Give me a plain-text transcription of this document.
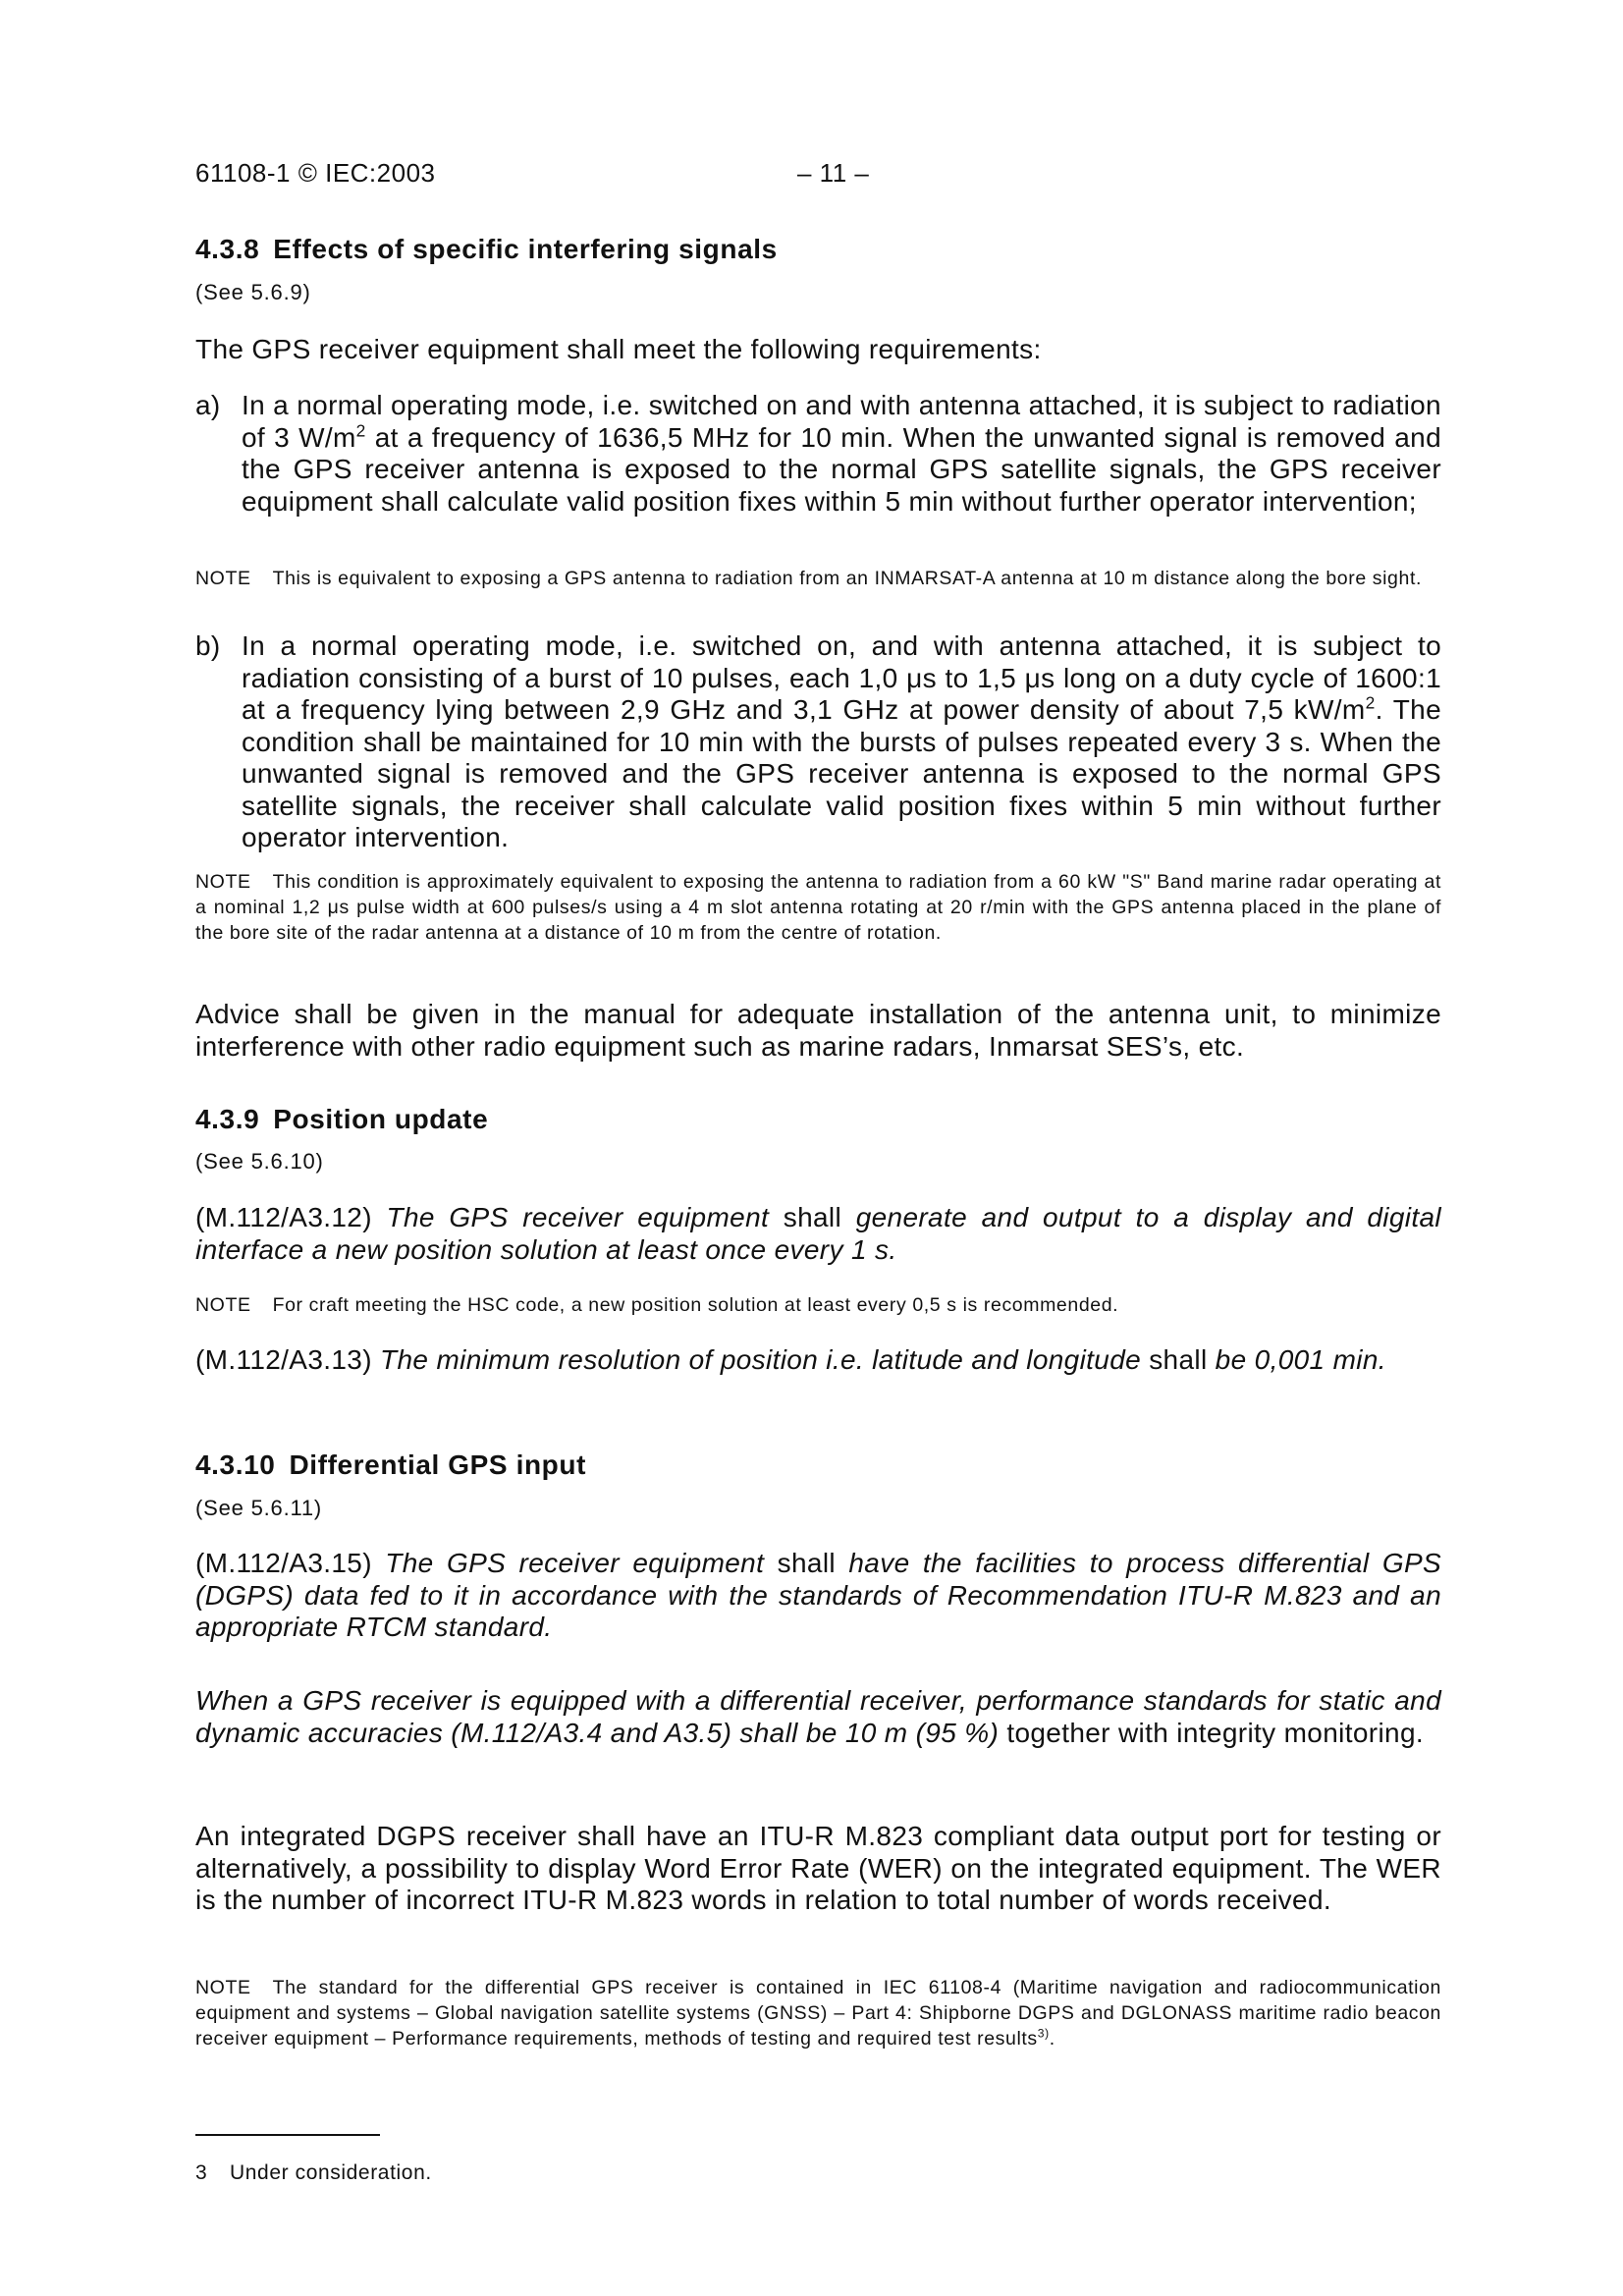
61108-1 © IEC:2003	– 11 –
4.3.8 Effects of specific interfering signals
(See 5.6.9)
The GPS receiver equipment shall meet the following requirements:
a) In a normal operating mode, i.e. switched on and with antenna attached, it is subject to radiation of 3 $W/m^2$ at a frequency of 1636,5 MHz for 10 min. When the unwanted signal is removed and the GPS receiver antenna is exposed to the normal GPS satellite signals, the GPS receiver equipment shall calculate valid position fixes within 5 min without further operator intervention;
NOTE This is equivalent to exposing a GPS antenna to radiation from an INMARSAT-A antenna at 10 m distance along the bore sight.
b) In a normal operating mode, i.e. switched on, and with antenna attached, it is subject to radiation consisting of a burst of 10 pulses, each 1,0 μs to 1,5 μs long on a duty cycle of 1600:1 at a frequency lying between 2,9 GHz and 3,1 GHz at power density of about 7,5 $kW/m^2$. The condition shall be maintained for 10 min with the bursts of pulses repeated every 3 s. When the unwanted signal is removed and the GPS receiver antenna is exposed to the normal GPS satellite signals, the receiver shall calculate valid position fixes within 5 min without further operator intervention.
NOTE This condition is approximately equivalent to exposing the antenna to radiation from a 60 kW "S" Band marine radar operating at a nominal 1,2 μs pulse width at 600 pulses/s using a 4 m slot antenna rotating at 20 r/min with the GPS antenna placed in the plane of the bore site of the radar antenna at a distance of 10 m from the centre of rotation.
Advice shall be given in the manual for adequate installation of the antenna unit, to minimize interference with other radio equipment such as marine radars, Inmarsat SES’s, etc.
4.3.9 Position update
(See 5.6.10)
(M.112/A3.12) The GPS receiver equipment shall generate and output to a display and digital interface a new position solution at least once every 1 s.
NOTE For craft meeting the HSC code, a new position solution at least every 0,5 s is recommended.
(M.112/A3.13) The minimum resolution of position i.e. latitude and longitude shall be 0,001 min.
4.3.10 Differential GPS input
(See 5.6.11)
(M.112/A3.15) The GPS receiver equipment shall have the facilities to process differential GPS (DGPS) data fed to it in accordance with the standards of Recommendation ITU-R M.823 and an appropriate RTCM standard.
When a GPS receiver is equipped with a differential receiver, performance standards for static and dynamic accuracies (M.112/A3.4 and A3.5) shall be 10 m (95 %) together with integrity monitoring.
An integrated DGPS receiver shall have an ITU-R M.823 compliant data output port for testing or alternatively, a possibility to display Word Error Rate (WER) on the integrated equipment. The WER is the number of incorrect ITU-R M.823 words in relation to total number of words received.
NOTE The standard for the differential GPS receiver is contained in IEC 61108-4 (Maritime navigation and radiocommunication equipment and systems – Global navigation satellite systems (GNSS) – Part 4: Shipborne DGPS and DGLONASS maritime radio beacon receiver equipment – Performance requirements, methods of testing and required test results$^{3)}$.
3 Under consideration.
